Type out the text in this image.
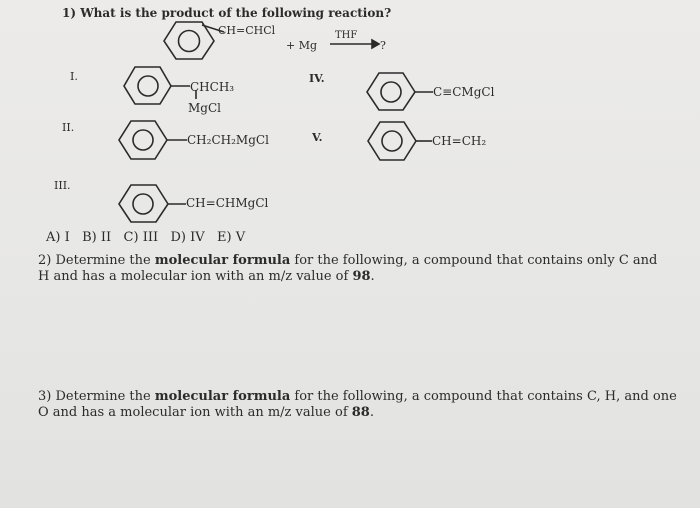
1) What is the product of the following reaction?
CH=CHCl
+ Mg
THF
?
I.
CHCH₃
MgCl
II.
CH₂CH₂MgCl
III.
CH=CHMgCl
IV.
C≡CMgCl
V.	CH=CH₂
A) I   B) II   C) III   D) IV   E) V
2) Determine the molecular formula for the following, a compound that contains only C and H and has a molecular ion with an m/z value of 98.
3) Determine the molecular formula for the following, a compound that contains C, H, and one O and has a molecular ion with an m/z value of 88.
